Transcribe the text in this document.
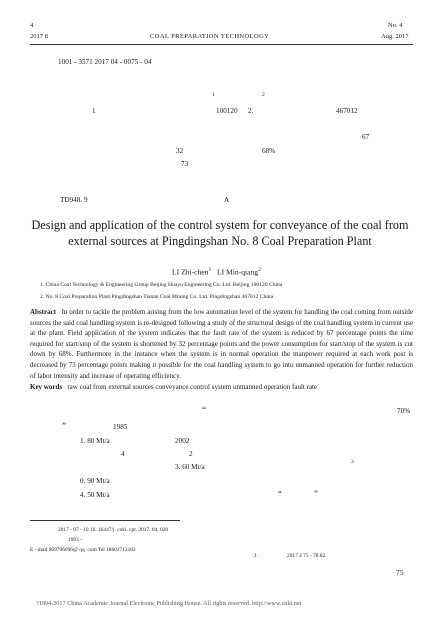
4
2017 8	COAL PREPARATION TECHNOLOGY
No. 4
Aug. 2017
1001 - 3571 2017 04 - 0075 - 04
1	2
1	100120 2.	467012
67
32	68%
73
TD948. 9	A
Design and application of the control system for conveyance of the coal from external sources at Pingdingshan No. 8 Coal Preparation Plant
LI Zhi-chen$^1$ LI Min-qiang$^2$
1. China Coal Technology & Engineering Group Beijing Huayu Engineering Co. Ltd. Beijing 100120 China
2. No. 8 Coal Preparation Plant Pingdingshan Tianan Coal Mining Co. Ltd. Pingdingshan 467012 China
Abstract In order to tackle the problem arising from the low automation level of the system for handling the coal coming from outside sources the said coal handling system is re-designed following a study of the structural design of the coal handling system in current use at the plant. Field application of the system indicates that the fault rate of the system is reduced by 67 percentage points the time required for start/stop of the system is shortened by 32 percentage points and the power consumption for start/stop of the system is cut down by 68%. Furthermore in the instance when the system is in normal operation the manpower required at each work post is decreased by 73 percentage points making it possible for the coal handling system to go into unmanned operation for further reduction of labor intensity and increase of operating efficiency.
Key words raw coal from external sources conveyance control system unmanned operation fault rate
“	70%
”	1985
1. 80 Mt/a	2002
4	2
3. 60 Mt/a
3
0. 90 Mt/a
4. 50 Mt/a	“	”
2017 - 07 - 10 10. 16447/j. cnki. cpt. 2017. 04. 020
1993 -
E - mail 969796096@ qq. com Tel 18602713182
J .	2017 4 75 - 78 82.
75
?1994-2017 China Academic Journal Electronic Publishing House. All rights reserved. http://www.cnki.net
